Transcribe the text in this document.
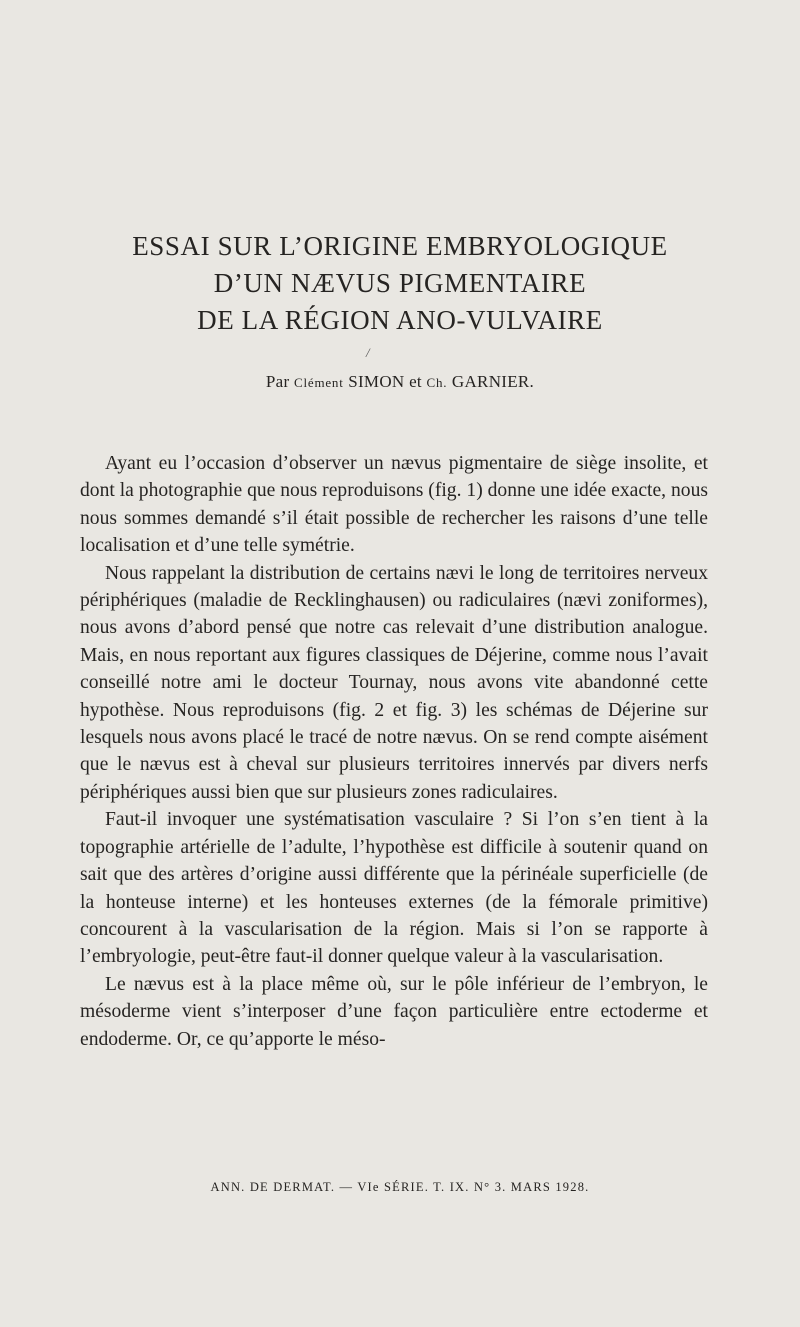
ESSAI SUR L’ORIGINE EMBRYOLOGIQUE
D’UN NÆVUS PIGMENTAIRE
DE LA RÉGION ANO-VULVAIRE
/
Par Clément SIMON et Ch. GARNIER.

Ayant eu l’occasion d’observer un nævus pigmentaire de siège insolite, et dont la photographie que nous reproduisons (fig. 1) donne une idée exacte, nous nous sommes demandé s’il était possible de rechercher les raisons d’une telle localisation et d’une telle symétrie.

Nous rappelant la distribution de certains nævi le long de territoires nerveux périphériques (maladie de Recklinghausen) ou radiculaires (nævi zoniformes), nous avons d’abord pensé que notre cas relevait d’une distribution analogue. Mais, en nous reportant aux figures classiques de Déjerine, comme nous l’avait conseillé notre ami le docteur Tournay, nous avons vite abandonné cette hypothèse. Nous reproduisons (fig. 2 et fig. 3) les schémas de Déjerine sur lesquels nous avons placé le tracé de notre nævus. On se rend compte aisément que le nævus est à cheval sur plusieurs territoires innervés par divers nerfs périphériques aussi bien que sur plusieurs zones radiculaires.

Faut-il invoquer une systématisation vasculaire ? Si l’on s’en tient à la topographie artérielle de l’adulte, l’hypothèse est difficile à soutenir quand on sait que des artères d’origine aussi différente que la périnéale superficielle (de la honteuse interne) et les honteuses externes (de la fémorale primitive) concourent à la vascularisation de la région. Mais si l’on se rapporte à l’embryologie, peut-être faut-il donner quelque valeur à la vascularisation.

Le nævus est à la place même où, sur le pôle inférieur de l’embryon, le mésoderme vient s’interposer d’une façon particulière entre ectoderme et endoderme. Or, ce qu’apporte le méso-

ANN. DE DERMAT. — VIe SÉRIE. T. IX. N° 3. MARS 1928.
